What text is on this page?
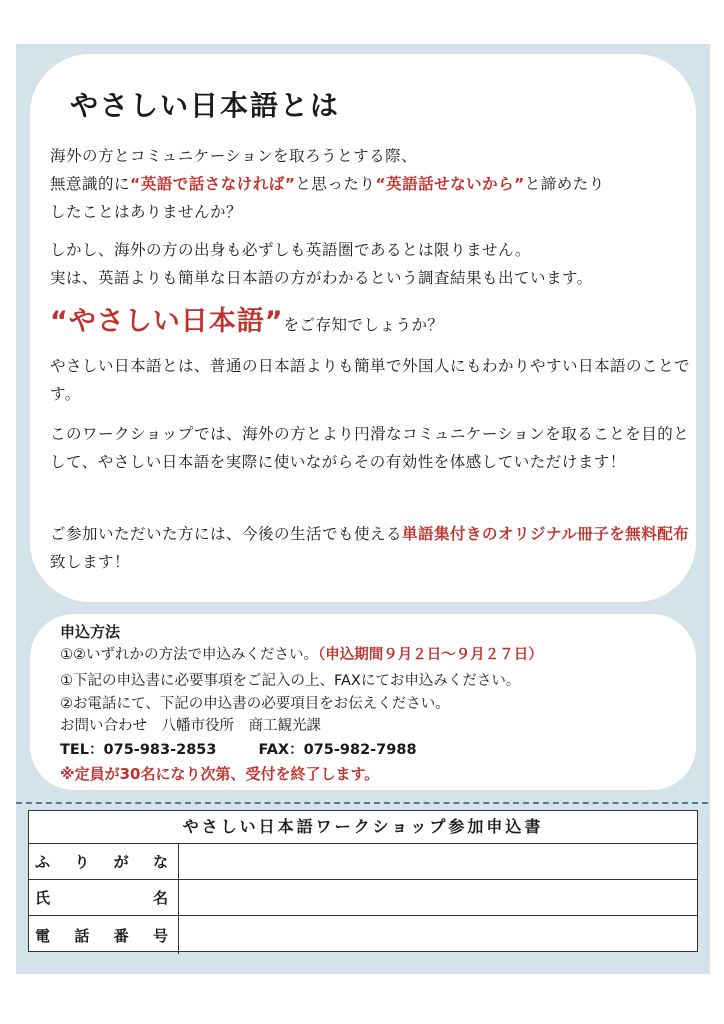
やさしい日本語とは

海外の方とコミュニケーションを取ろうとする際、
無意識的に“英語で話さなければ”と思ったり“英語話せないから”と諦めたり
したことはありませんか？

しかし、海外の方の出身も必ずしも英語圏であるとは限りません。
実は、英語よりも簡単な日本語の方がわかるという調査結果も出ています。

“やさしい日本語”をご存知でしょうか？

やさしい日本語とは、普通の日本語よりも簡単で外国人にもわかりやすい日本語のことです。

このワークショップでは、海外の方とより円滑なコミュニケーションを取ることを目的として、やさしい日本語を実際に使いながらその有効性を体感していただけます！

ご参加いただいた方には、今後の生活でも使える単語集付きのオリジナル冊子を無料配布致します！

申込方法
①②いずれかの方法で申込みください。（申込期間９月２日～９月２７日）
①下記の申込書に必要事項をご記入の上、FAXにてお申込みください。
②お電話にて、下記の申込書の必要項目をお伝えください。
お問い合わせ　八幡市役所　商工観光課
TEL：075-983-2853	FAX：075-982-7988
※定員が30名になり次第、受付を終了します。
やさしい日本語ワークショップ参加申込書
ふ り が な
氏	名
電 話 番 号
